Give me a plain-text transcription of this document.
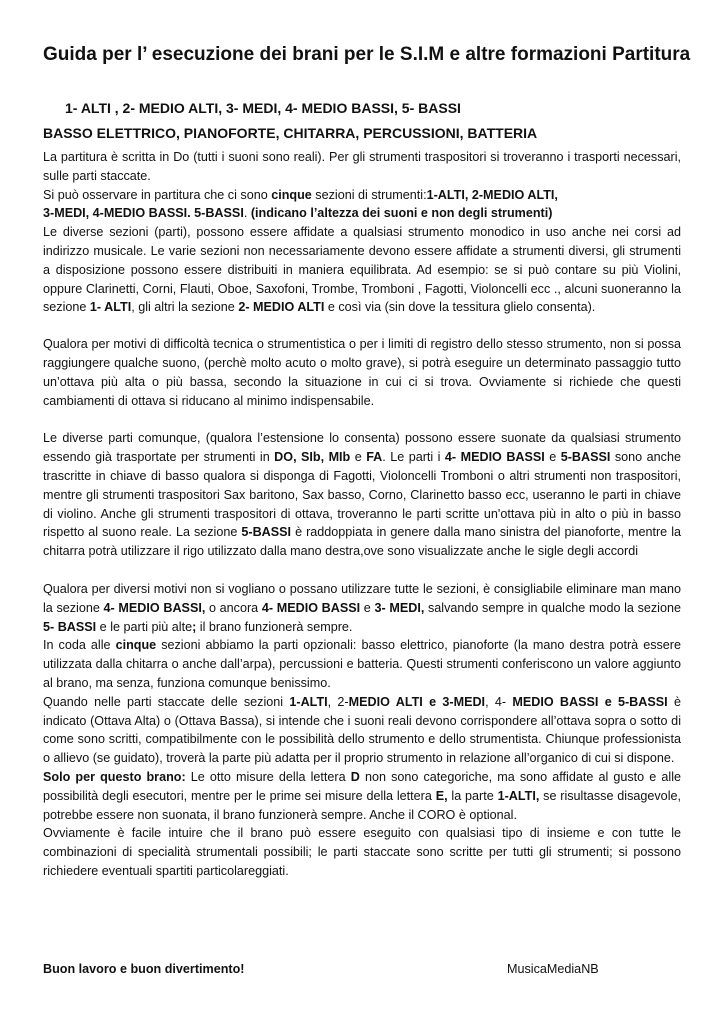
Guida per l’ esecuzione dei brani per le S.I.M e altre formazioni Partitura

1- ALTI , 2- MEDIO ALTI, 3- MEDI, 4- MEDIO BASSI, 5- BASSI

BASSO ELETTRICO, PIANOFORTE, CHITARRA, PERCUSSIONI, BATTERIA

La partitura è scritta in Do (tutti i suoni sono reali). Per gli strumenti traspositori si troveranno i trasporti necessari, sulle parti staccate.

Si può osservare in partitura che ci sono cinque sezioni di strumenti:1-ALTI, 2-MEDIO ALTI,
3-MEDI, 4-MEDIO BASSI. 5-BASSI. (indicano l’altezza dei suoni e non degli strumenti)

Le diverse sezioni (parti), possono essere affidate a qualsiasi strumento monodico in uso anche nei corsi ad indirizzo musicale. Le varie sezioni non necessariamente devono essere affidate a strumenti diversi, gli strumenti a disposizione possono essere distribuiti in maniera equilibrata. Ad esempio: se si può contare su più Violini, oppure Clarinetti, Corni, Flauti, Oboe, Saxofoni, Trombe, Tromboni , Fagotti, Violoncelli ecc ., alcuni suoneranno la sezione 1- ALTI, gli altri la sezione 2- MEDIO ALTI e così via (sin dove la tessitura glielo consenta).

Qualora per motivi di difficoltà tecnica o strumentistica o per i limiti di registro dello stesso strumento, non si possa raggiungere qualche suono, (perchè molto acuto o molto grave), si potrà eseguire un determinato passaggio tutto un’ottava più alta o più bassa, secondo la situazione in cui ci si trova. Ovviamente si richiede che questi cambiamenti di ottava si riducano al minimo indispensabile.

Le diverse parti comunque, (qualora l’estensione lo consenta) possono essere suonate da qualsiasi strumento essendo già trasportate per strumenti in DO, SIb, MIb e FA. Le parti i 4- MEDIO BASSI e 5-BASSI sono anche trascritte in chiave di basso qualora si disponga di Fagotti, Violoncelli Tromboni o altri strumenti non traspositori, mentre gli strumenti traspositori Sax baritono, Sax basso, Corno, Clarinetto basso ecc, useranno le parti in chiave di violino. Anche gli strumenti traspositori di ottava, troveranno le parti scritte un'ottava più in alto o più in basso rispetto al suono reale. La sezione 5-BASSI è raddoppiata in genere dalla mano sinistra del pianoforte, mentre la chitarra potrà utilizzare il rigo utilizzato dalla mano destra,ove sono visualizzate anche le sigle degli accordi

Qualora per diversi motivi non si vogliano o possano utilizzare tutte le sezioni, è consigliabile eliminare man mano la sezione 4- MEDIO BASSI, o ancora 4- MEDIO BASSI e 3- MEDI, salvando sempre in qualche modo la sezione 5- BASSI e le parti più alte; il brano funzionerà sempre.

In coda alle cinque sezioni abbiamo la parti opzionali: basso elettrico, pianoforte (la mano destra potrà essere utilizzata dalla chitarra o anche dall’arpa), percussioni e batteria. Questi strumenti conferiscono un valore aggiunto al brano, ma senza, funziona comunque benissimo.

Quando nelle parti staccate delle sezioni 1-ALTI, 2-MEDIO ALTI e 3-MEDI, 4- MEDIO BASSI e 5-BASSI è indicato (Ottava Alta) o (Ottava Bassa), si intende che i suoni reali devono corrispondere all’ottava sopra o sotto di come sono scritti, compatibilmente con le possibilità dello strumento e dello strumentista. Chiunque professionista o allievo (se guidato), troverà la parte più adatta per il proprio strumento in relazione all’organico di cui si dispone.

Solo per questo brano: Le otto misure della lettera D non sono categoriche, ma sono affidate al gusto e alle possibilità degli esecutori, mentre per le prime sei misure della lettera E, la parte 1-ALTI, se risultasse disagevole, potrebbe essere non suonata, il brano funzionerà sempre. Anche il CORO è optional.

Ovviamente è facile intuire che il brano può essere eseguito con qualsiasi tipo di insieme e con tutte le combinazioni di specialità strumentali possibili; le parti staccate sono scritte per tutti gli strumenti; si possono richiedere eventuali spartiti particolareggiati.

Buon lavoro e buon divertimento!	MusicaMediaNB
